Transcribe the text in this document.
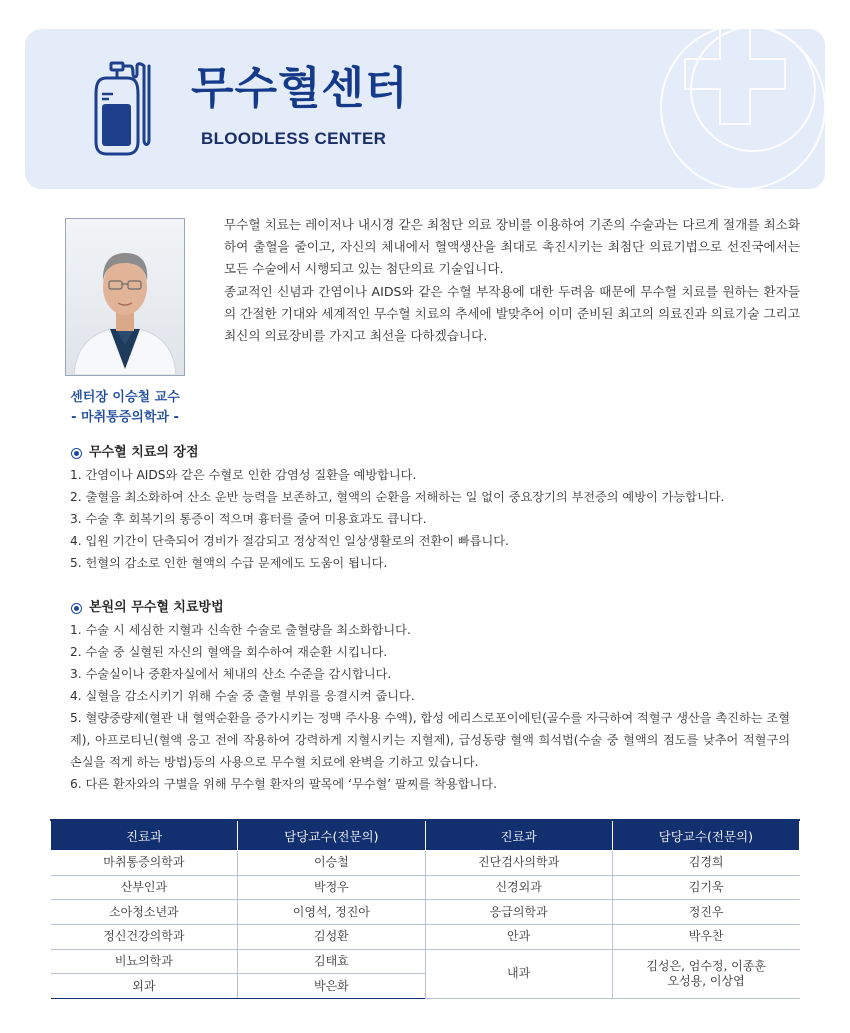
무수혈센터
BLOODLESS CENTER
센터장 이승철 교수
- 마취통증의학과 -

무수혈 치료는 레이저나 내시경 같은 최첨단 의료 장비를 이용하여 기존의 수술과는 다르게 절개를 최소화하여 출혈을 줄이고, 자신의 체내에서 혈액생산을 최대로 촉진시키는 최첨단 의료기법으로 선진국에서는 모든 수술에서 시행되고 있는 첨단의료 기술입니다.

종교적인 신념과 간염이나 AIDS와 같은 수혈 부작용에 대한 두려움 때문에 무수혈 치료를 원하는 환자들의 간절한 기대와 세계적인 무수혈 치료의 추세에 발맞추어 이미 준비된 최고의 의료진과 의료기술 그리고 최신의 의료장비를 가지고 최선을 다하겠습니다.

무수혈 치료의 장점
1. 간염이나 AIDS와 같은 수혈로 인한 감염성 질환을 예방합니다.
2. 출혈을 최소화하여 산소 운반 능력을 보존하고, 혈액의 순환을 저해하는 일 없이 중요장기의 부전증의 예방이 가능합니다.
3. 수술 후 회복기의 통증이 적으며 흉터를 줄여 미용효과도 큽니다.
4. 입원 기간이 단축되어 경비가 절감되고 정상적인 일상생활로의 전환이 빠릅니다.
5. 헌혈의 감소로 인한 혈액의 수급 문제에도 도움이 됩니다.
본원의 무수혈 치료방법
1. 수술 시 세심한 지혈과 신속한 수술로 출혈량을 최소화합니다.
2. 수술 중 실혈된 자신의 혈액을 회수하여 재순환 시킵니다.
3. 수술실이나 중환자실에서 체내의 산소 수준을 감시합니다.
4. 실혈을 감소시키기 위해 수술 중 출혈 부위를 응결시켜 줍니다.
5. 혈량중량제(혈관 내 혈액순환을 증가시키는 정맥 주사용 수액), 합성 에리스로포이에틴(골수를 자극하여 적혈구 생산을 촉진하는 조혈제), 아프로티닌(혈액 응고 전에 작용하여 강력하게 지혈시키는 지혈제), 급성동량 혈액 희석법(수술 중 혈액의 점도를 낮추어 적혈구의 손실을 적게 하는 방법)등의 사용으로 무수혈 치료에 완벽을 기하고 있습니다.
6. 다른 환자와의 구별을 위해 무수혈 환자의 팔목에 ‘무수혈’ 팔찌를 착용합니다.
진료과	담당교수(전문의)	진료과	담당교수(전문의)
마취통증의학과	이승철	진단검사의학과	김경희
산부인과	박정우	신경외과	김기욱
소아청소년과	이영석, 정진아	응급의학과	정진우
정신건강의학과	김성환	안과	박우찬
비뇨의학과	김태효	내과	김성은, 엄수정, 이종훈
오성용, 이상엽

외과	박은화		
